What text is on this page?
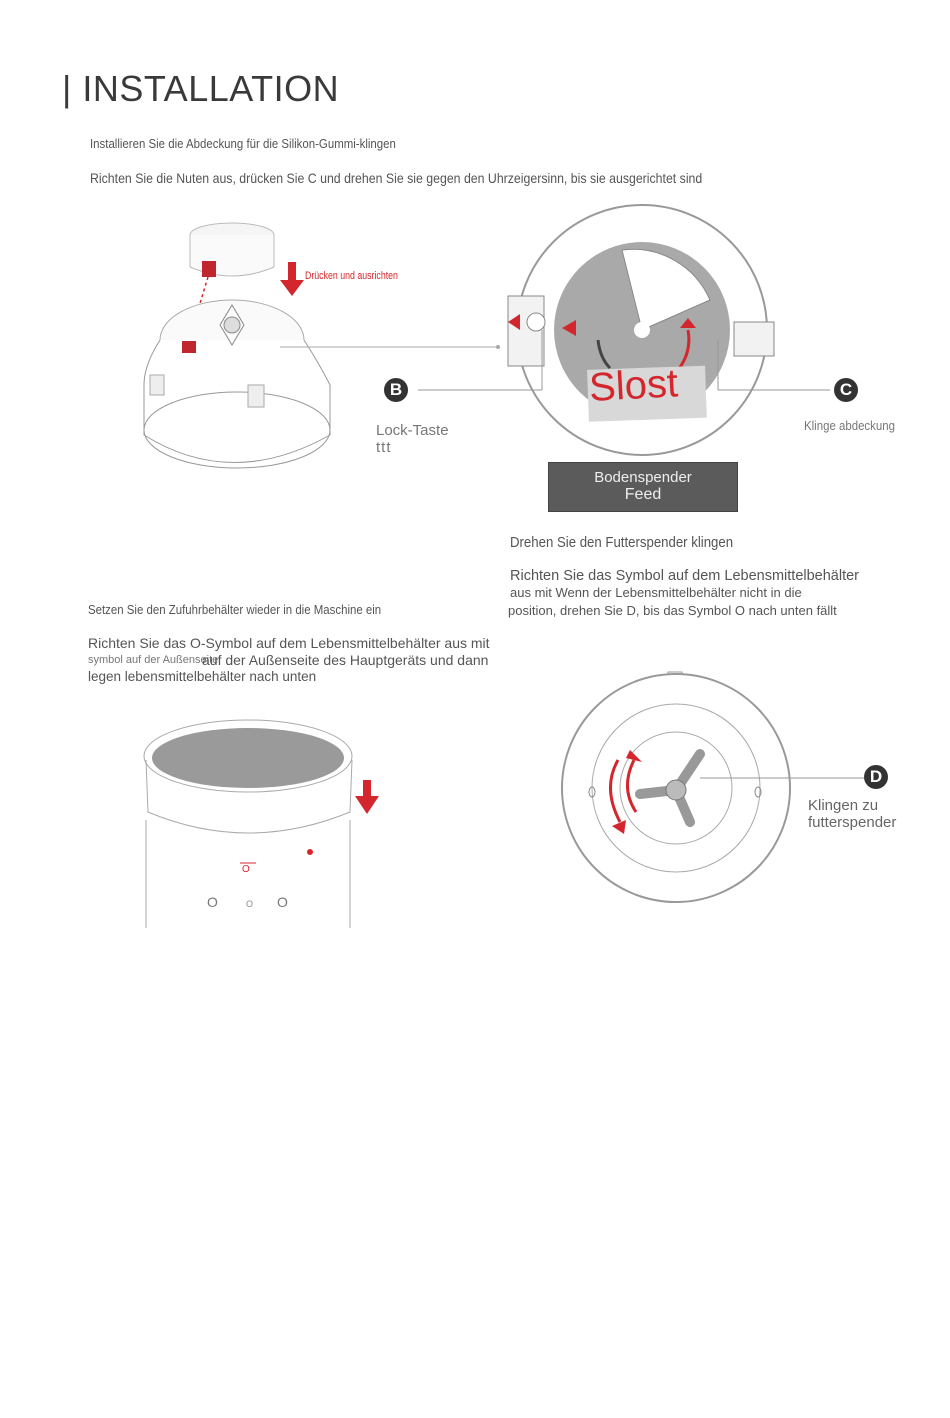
| INSTALLATION
Installieren Sie die Abdeckung für die Silikon-Gummi-klingen
Richten Sie die Nuten aus, drücken Sie C und drehen Sie sie gegen den Uhrzeigersinn, bis sie ausgerichtet sind
Drücken und ausrichten
Slost
B	C
Lock-Taste
ttt
Klinge abdeckung
Bodenspender
Feed
Drehen Sie den Futterspender klingen
Richten Sie das Symbol auf dem Lebensmittelbehälter
aus mit Wenn der Lebensmittelbehälter nicht in die
position, drehen Sie D, bis das Symbol O nach unten fällt
Setzen Sie den Zufuhrbehälter wieder in die Maschine ein
Richten Sie das O-Symbol auf dem Lebensmittelbehälter aus mit
symbol auf der Außenseite
auf der Außenseite des Hauptgeräts und dann
legen lebensmittelbehälter nach unten
O
O
O	O
D
Klingen zu
futterspender
